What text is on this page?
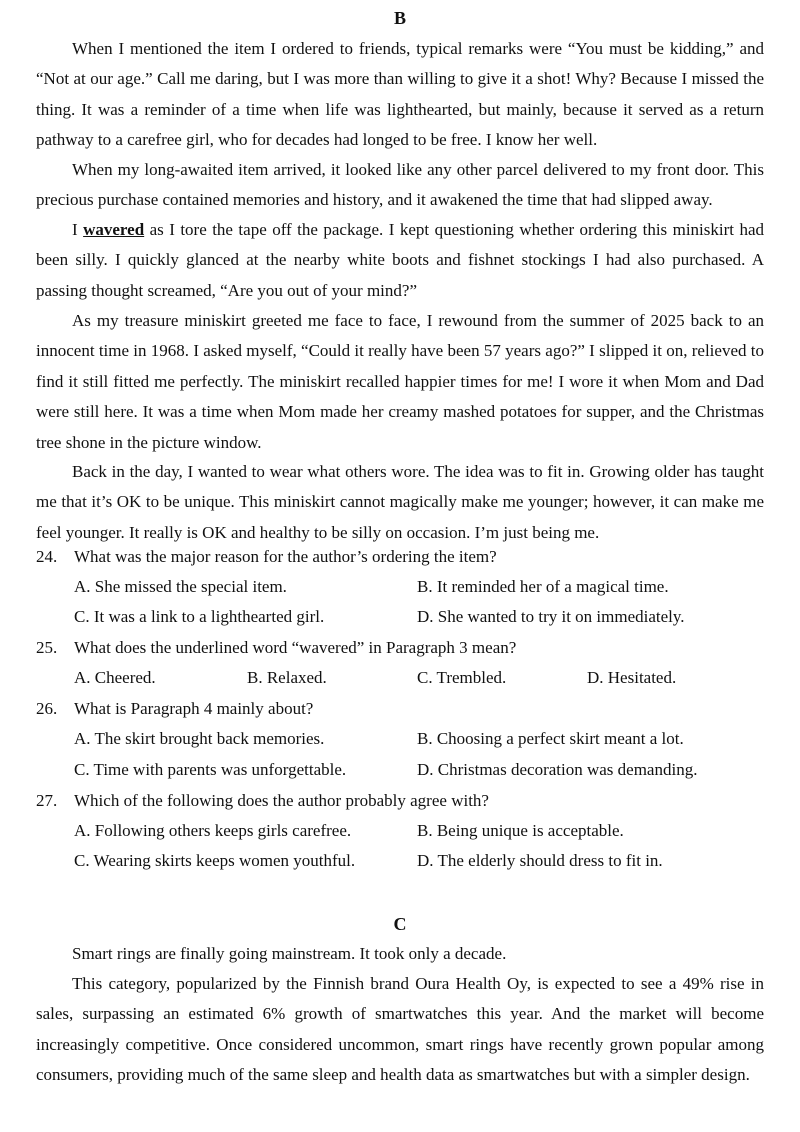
B

When I mentioned the item I ordered to friends, typical remarks were “You must be kidding,” and “Not at our age.” Call me daring, but I was more than willing to give it a shot! Why? Because I missed the thing. It was a reminder of a time when life was lighthearted, but mainly, because it served as a return pathway to a carefree girl, who for decades had longed to be free. I know her well.

When my long-awaited item arrived, it looked like any other parcel delivered to my front door. This precious purchase contained memories and history, and it awakened the time that had slipped away.

I wavered as I tore the tape off the package. I kept questioning whether ordering this miniskirt had been silly. I quickly glanced at the nearby white boots and fishnet stockings I had also purchased. A passing thought screamed, “Are you out of your mind?”

As my treasure miniskirt greeted me face to face, I rewound from the summer of 2025 back to an innocent time in 1968. I asked myself, “Could it really have been 57 years ago?” I slipped it on, relieved to find it still fitted me perfectly. The miniskirt recalled happier times for me! I wore it when Mom and Dad were still here. It was a time when Mom made her creamy mashed potatoes for supper, and the Christmas tree shone in the picture window.

Back in the day, I wanted to wear what others wore. The idea was to fit in. Growing older has taught me that it’s OK to be unique. This miniskirt cannot magically make me younger; however, it can make me feel younger. It really is OK and healthy to be silly on occasion. I’m just being me.

24. What was the major reason for the author’s ordering the item?
A. She missed the special item.	B. It reminded her of a magical time.
C. It was a link to a lighthearted girl.	D. She wanted to try it on immediately.
25. What does the underlined word “wavered” in Paragraph 3 mean?
A. Cheered.	B. Relaxed.	C. Trembled.	D. Hesitated.
26. What is Paragraph 4 mainly about?
A. The skirt brought back memories.	B. Choosing a perfect skirt meant a lot.
C. Time with parents was unforgettable.	D. Christmas decoration was demanding.
27. Which of the following does the author probably agree with?
A. Following others keeps girls carefree.	B. Being unique is acceptable.
C. Wearing skirts keeps women youthful.	D. The elderly should dress to fit in.
C

Smart rings are finally going mainstream. It took only a decade.

This category, popularized by the Finnish brand Oura Health Oy, is expected to see a 49% rise in sales, surpassing an estimated 6% growth of smartwatches this year. And the market will become increasingly competitive. Once considered uncommon, smart rings have recently grown popular among consumers, providing much of the same sleep and health data as smartwatches but with a simpler design.
